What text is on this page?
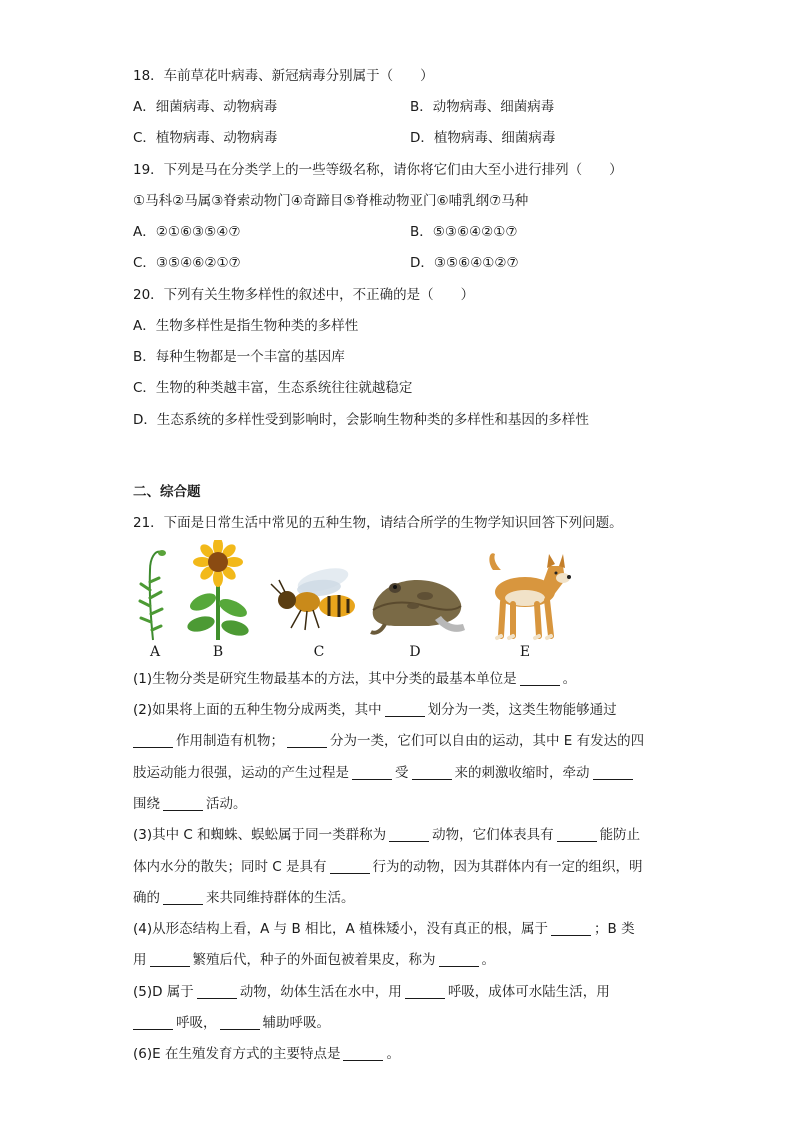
18．车前草花叶病毒、新冠病毒分别属于（　　）
A．细菌病毒、动物病毒	B．动物病毒、细菌病毒
C．植物病毒、动物病毒	D．植物病毒、细菌病毒
19．下列是马在分类学上的一些等级名称，请你将它们由大至小进行排列（　　）
①马科②马属③脊索动物门④奇蹄目⑤脊椎动物亚门⑥哺乳纲⑦马种
A．②①⑥③⑤④⑦	B．⑤③⑥④②①⑦
C．③⑤④⑥②①⑦	D．③⑤⑥④①②⑦
20．下列有关生物多样性的叙述中，不正确的是（　　）
A．生物多样性是指生物种类的多样性
B．每种生物都是一个丰富的基因库
C．生物的种类越丰富，生态系统往往就越稳定
D．生态系统的多样性受到影响时，会影响生物种类的多样性和基因的多样性
二、综合题
21．下面是日常生活中常见的五种生物，请结合所学的生物学知识回答下列问题。
A	B	C	D	E
(1)生物分类是研究生物最基本的方法，其中分类的最基本单位是	。
(2)如果将上面的五种生物分成两类，其中	划分为一类，这类生物能够通过
作用制造有机物；	分为一类，它们可以自由的运动，其中 E 有发达的四
肢运动能力很强，运动的产生过程是	受	来的刺激收缩时，牵动
围绕	活动。
(3)其中 C 和蜘蛛、蜈蚣属于同一类群称为	动物，它们体表具有	能防止
体内水分的散失；同时 C 是具有	行为的动物，因为其群体内有一定的组织，明
确的	来共同维持群体的生活。
(4)从形态结构上看，A 与 B 相比，A 植株矮小，没有真正的根，属于	；B 类
用	繁殖后代，种子的外面包被着果皮，称为	。
(5)D 属于	动物，幼体生活在水中，用	呼吸，成体可水陆生活，用
呼吸，	辅助呼吸。
(6)E 在生殖发育方式的主要特点是	。
